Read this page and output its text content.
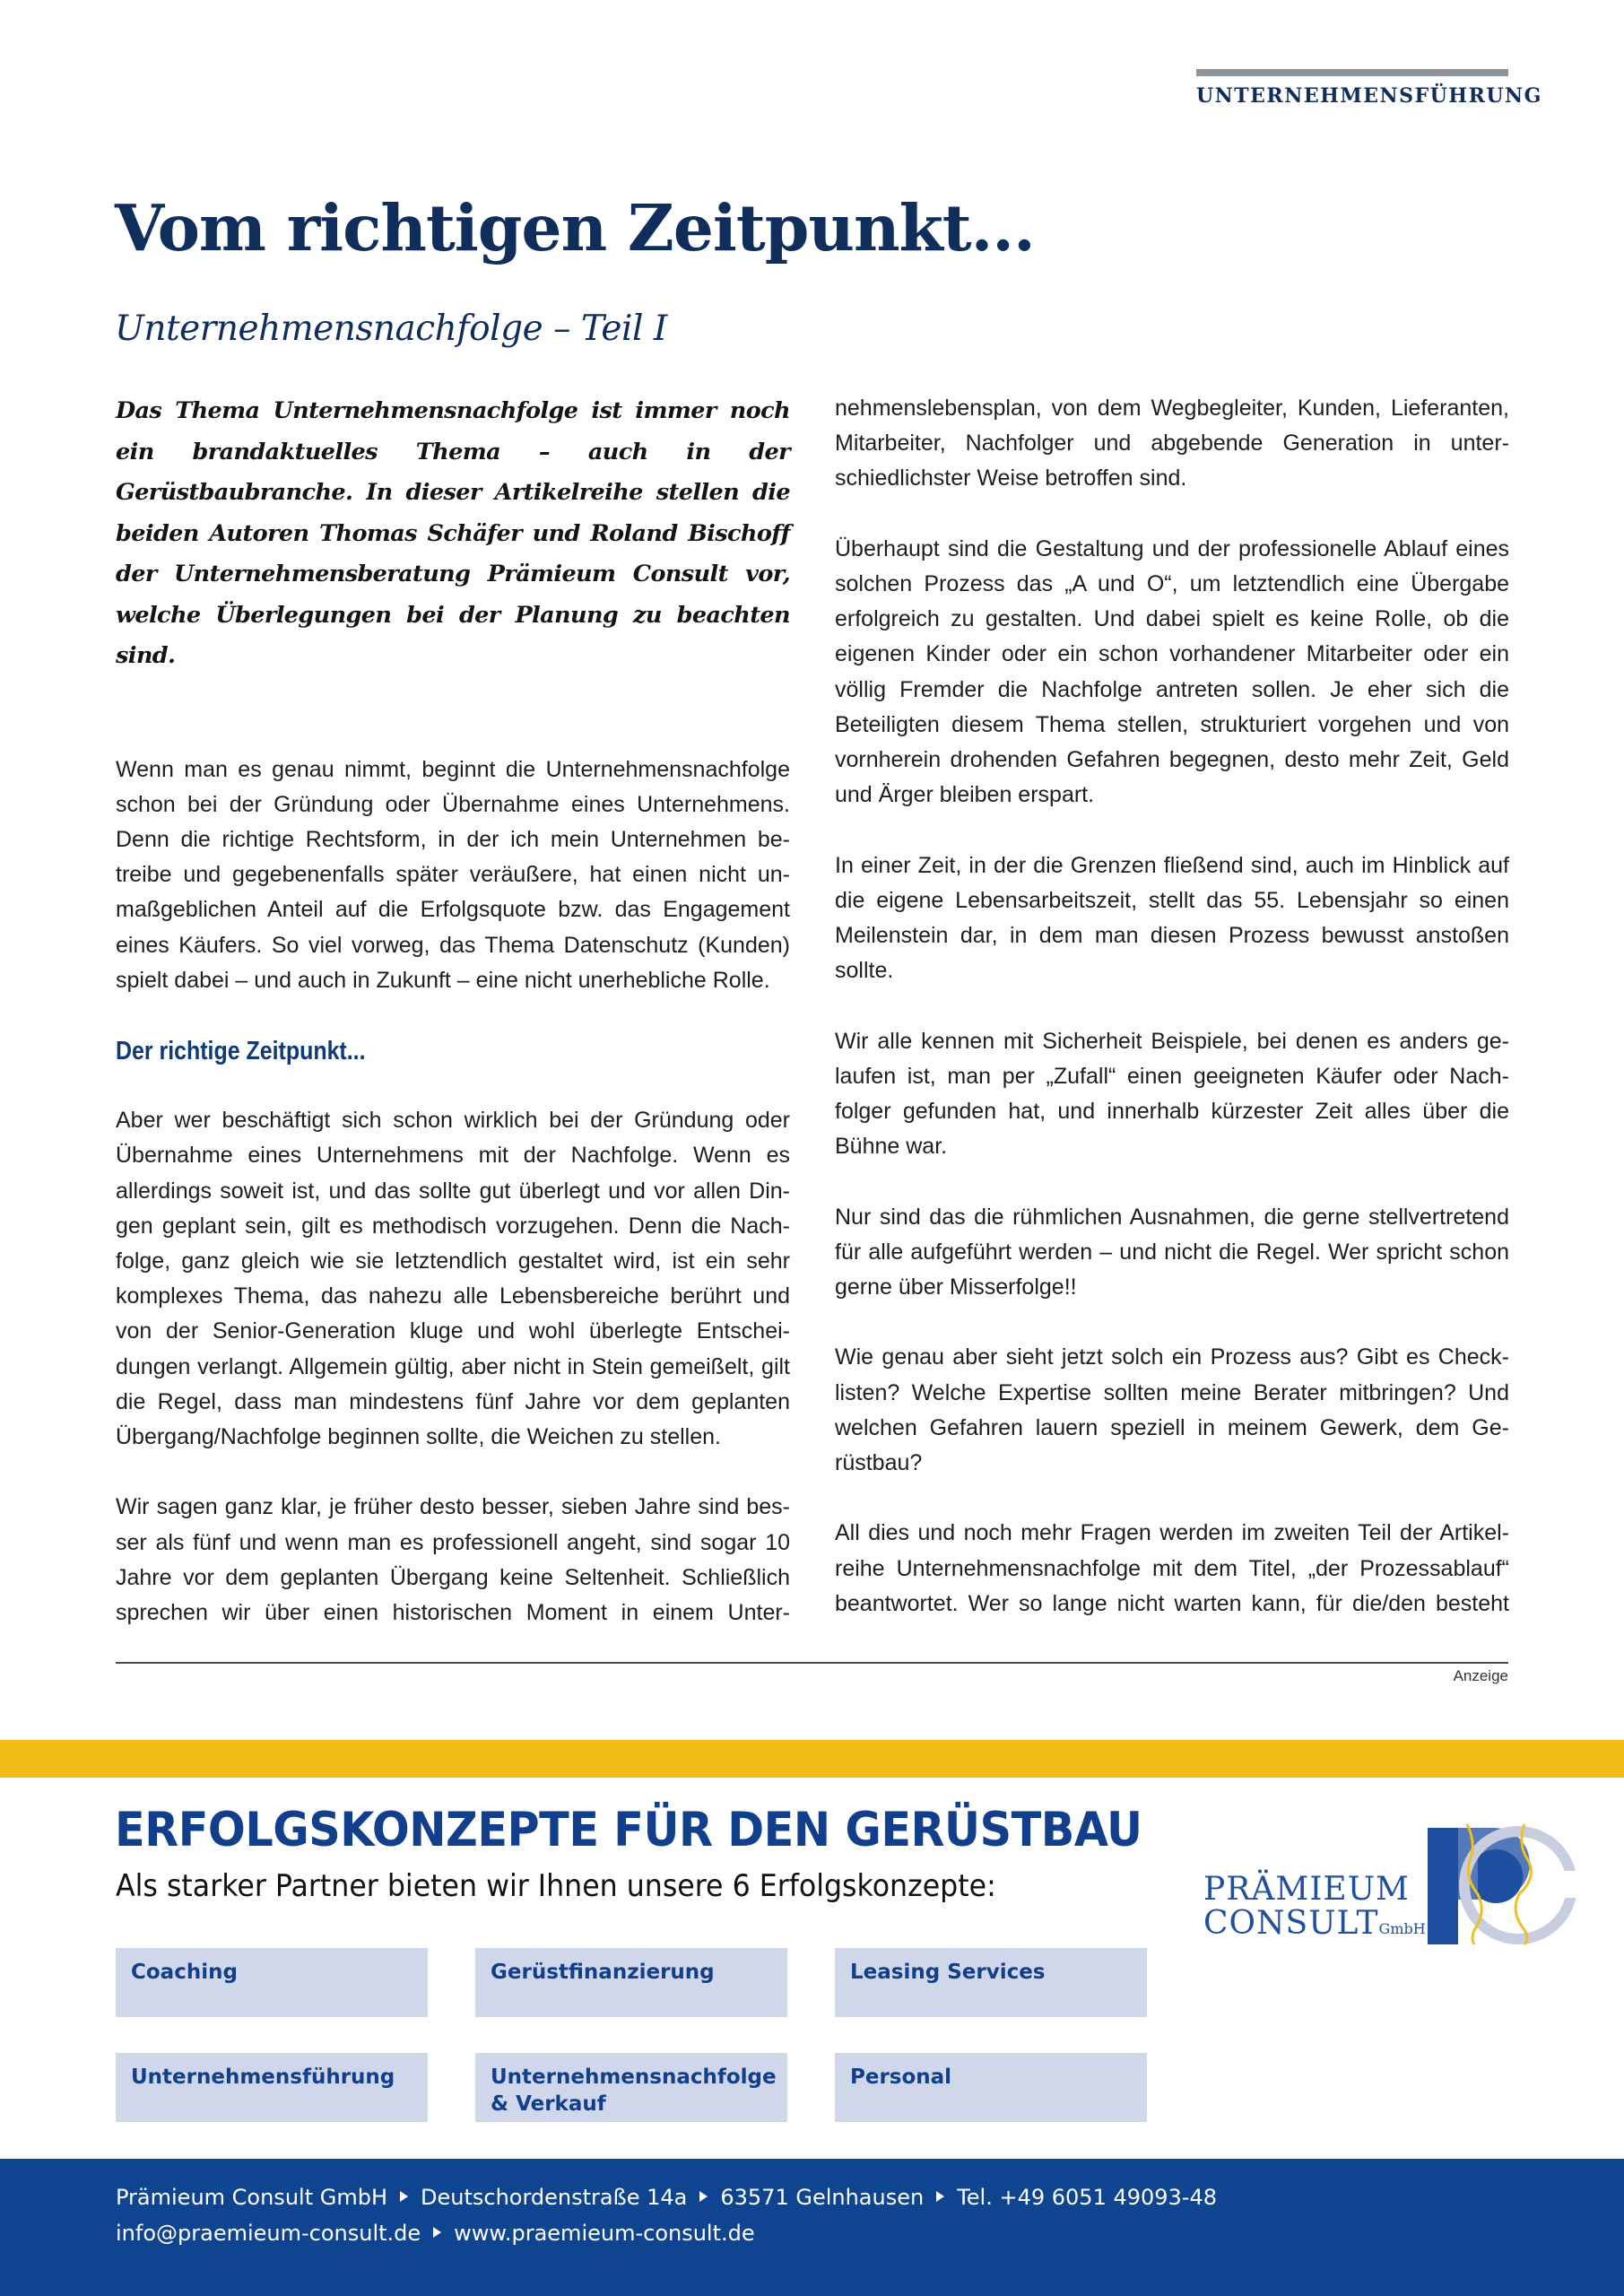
UNTERNEHMENSFÜHRUNG
Vom richtigen Zeitpunkt...
Unternehmensnachfolge – Teil I

Das Thema Unternehmensnachfolge ist immer noch ein brandaktuelles Thema – auch in der Gerüstbaubranche. In dieser Artikelreihe stellen die beiden Autoren Thomas Schäfer und Roland Bischoff der Unternehmensberatung Prämieum Consult vor, welche Überlegungen bei der Planung zu beachten sind.

Wenn man es genau nimmt, beginnt die Unternehmensnachfolge schon bei der Gründung oder Übernahme eines Unternehmens. Denn die richtige Rechtsform, in der ich mein Unternehmen betreibe und gegebenenfalls später veräußere, hat einen nicht unmaßgeblichen Anteil auf die Erfolgsquote bzw. das Engagement eines Käufers. So viel vorweg, das Thema Datenschutz (Kunden) spielt dabei – und auch in Zukunft – eine nicht unerhebliche Rolle.

Der richtige Zeitpunkt...

Aber wer beschäftigt sich schon wirklich bei der Gründung oder Übernahme eines Unternehmens mit der Nachfolge. Wenn es allerdings soweit ist, und das sollte gut überlegt und vor allen Dingen geplant sein, gilt es methodisch vorzugehen. Denn die Nachfolge, ganz gleich wie sie letztendlich gestaltet wird, ist ein sehr komplexes Thema, das nahezu alle Lebensbereiche berührt und von der Senior-Generation kluge und wohl überlegte Entscheidungen verlangt. Allgemein gültig, aber nicht in Stein gemeißelt, gilt die Regel, dass man mindestens fünf Jahre vor dem geplanten Übergang/Nachfolge beginnen sollte, die Weichen zu stellen.

Wir sagen ganz klar, je früher desto besser, sieben Jahre sind besser als fünf und wenn man es professionell angeht, sind sogar 10 Jahre vor dem geplanten Übergang keine Seltenheit. Schließlich sprechen wir über einen historischen Moment in einem Unter-

nehmenslebensplan, von dem Wegbegleiter, Kunden, Lieferanten, Mitarbeiter, Nachfolger und abgebende Generation in unterschiedlichster Weise betroffen sind.

Überhaupt sind die Gestaltung und der professionelle Ablauf eines solchen Prozess das „A und O“, um letztendlich eine Übergabe erfolgreich zu gestalten. Und dabei spielt es keine Rolle, ob die eigenen Kinder oder ein schon vorhandener Mitarbeiter oder ein völlig Fremder die Nachfolge antreten sollen. Je eher sich die Beteiligten diesem Thema stellen, strukturiert vorgehen und von vornherein drohenden Gefahren begegnen, desto mehr Zeit, Geld und Ärger bleiben erspart.

In einer Zeit, in der die Grenzen fließend sind, auch im Hinblick auf die eigene Lebensarbeitszeit, stellt das 55. Lebensjahr so einen Meilenstein dar, in dem man diesen Prozess bewusst anstoßen sollte.

Wir alle kennen mit Sicherheit Beispiele, bei denen es anders gelaufen ist, man per „Zufall“ einen geeigneten Käufer oder Nachfolger gefunden hat, und innerhalb kürzester Zeit alles über die Bühne war.

Nur sind das die rühmlichen Ausnahmen, die gerne stellvertretend für alle aufgeführt werden – und nicht die Regel. Wer spricht schon gerne über Misserfolge!!

Wie genau aber sieht jetzt solch ein Prozess aus? Gibt es Checklisten? Welche Expertise sollten meine Berater mitbringen? Und welchen Gefahren lauern speziell in meinem Gewerk, dem Gerüstbau?

All dies und noch mehr Fragen werden im zweiten Teil der Artikelreihe Unternehmensnachfolge mit dem Titel, „der Prozessablauf“ beantwortet. Wer so lange nicht warten kann, für die/den besteht

Anzeige
ERFOLGSKONZEPTE FÜR DEN GERÜSTBAU
Als starker Partner bieten wir Ihnen unsere 6 Erfolgskonzepte:
Coaching	Gerüstfinanzierung	Leasing Services
Unternehmensführung	Unternehmensnachfolge & Verkauf
Personal
PRÄMIEUM
CONSULTGmbH
Prämieum Consult GmbH Deutschordenstraße 14a 63571 Gelnhausen Tel. +49 6051 49093-48
info@praemieum-consult.de www.praemieum-consult.de
